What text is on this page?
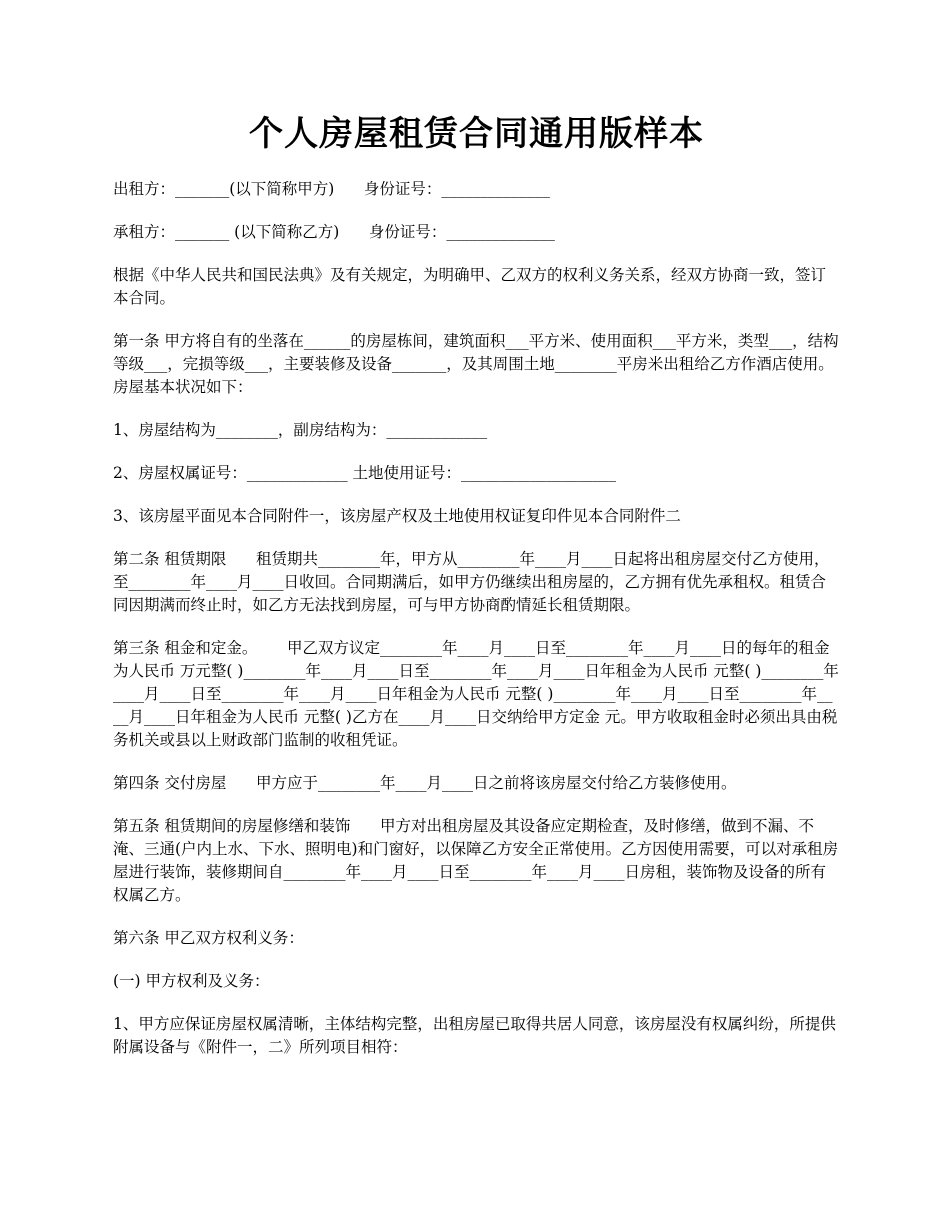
个人房屋租赁合同通用版样本

出租方：_______(以下简称甲方)      身份证号：______________

承租方：_______ (以下简称乙方)      身份证号：______________

根据《中华人民共和国民法典》及有关规定，为明确甲、乙双方的权利义务关系，经双方协商一致，签订本合同。

第一条 甲方将自有的坐落在______的房屋栋间，建筑面积___平方米、使用面积___平方米，类型___，结构等级___，完损等级___，主要装修及设备_______，及其周围土地________平房米出租给乙方作酒店使用。房屋基本状况如下：

1、房屋结构为________，副房结构为：_____________

2、房屋权属证号：_____________ 土地使用证号：____________________

3、该房屋平面见本合同附件一，该房屋产权及土地使用权证复印件见本合同附件二

第二条 租赁期限      租赁期共________年，甲方从________年____月____日起将出租房屋交付乙方使用，至________年____月____日收回。合同期满后，如甲方仍继续出租房屋的，乙方拥有优先承租权。租赁合同因期满而终止时，如乙方无法找到房屋，可与甲方协商酌情延长租赁期限。

第三条 租金和定金。      甲乙双方议定________年____月____日至________年____月____日的每年的租金为人民币 万元整( )________年____月____日至________年____月____日年租金为人民币 元整( )________年____月____日至________年____月____日年租金为人民币 元整( )________年____月____日至________年____月____日年租金为人民币 元整( )乙方在____月____日交纳给甲方定金 元。甲方收取租金时必须出具由税务机关或县以上财政部门监制的收租凭证。

第四条 交付房屋      甲方应于________年____月____日之前将该房屋交付给乙方装修使用。

第五条 租赁期间的房屋修缮和装饰      甲方对出租房屋及其设备应定期检查，及时修缮，做到不漏、不淹、三通(户内上水、下水、照明电)和门窗好，以保障乙方安全正常使用。乙方因使用需要，可以对承租房屋进行装饰，装修期间自________年____月____日至________年____月____日房租，装饰物及设备的所有权属乙方。

第六条 甲乙双方权利义务：

(一) 甲方权利及义务：

1、甲方应保证房屋权属清晰，主体结构完整，出租房屋已取得共居人同意，该房屋没有权属纠纷，所提供附属设备与《附件一，二》所列项目相符：
